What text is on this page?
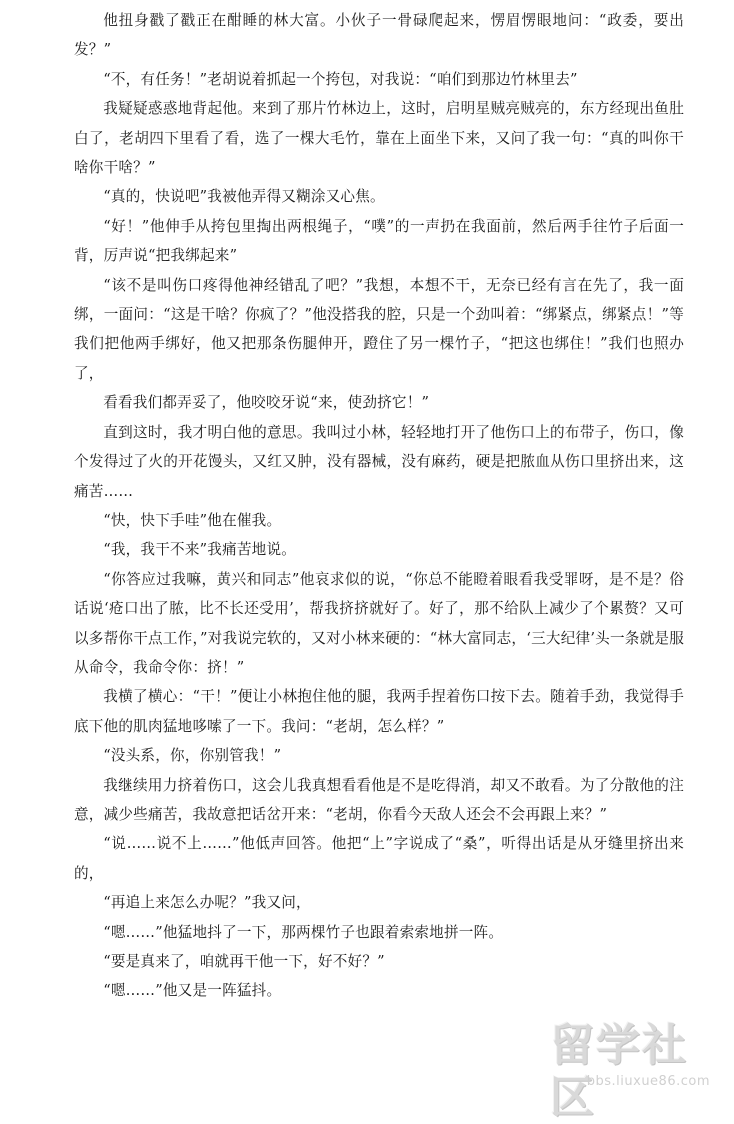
他扭身戳了戳正在酣睡的林大富。小伙子一骨碌爬起来，愣眉愣眼地问：“政委，要出发？”

“不，有任务！”老胡说着抓起一个挎包，对我说：“咱们到那边竹林里去”

我疑疑惑惑地背起他。来到了那片竹林边上，这时，启明星贼亮贼亮的，东方经现出鱼肚白了，老胡四下里看了看，选了一棵大毛竹，靠在上面坐下来，又问了我一句：“真的叫你干啥你干啥？”

“真的，快说吧”我被他弄得又糊涂又心焦。

“好！”他伸手从挎包里掏出两根绳子，“噗”的一声扔在我面前，然后两手往竹子后面一背，厉声说“把我绑起来”

“该不是叫伤口疼得他神经错乱了吧？”我想，本想不干，无奈已经有言在先了，我一面绑，一面问：“这是干啥？你疯了？”他没搭我的腔，只是一个劲叫着：“绑紧点，绑紧点！”等我们把他两手绑好，他又把那条伤腿伸开，蹬住了另一棵竹子，“把这也绑住！”我们也照办了，

看看我们都弄妥了，他咬咬牙说“来，使劲挤它！”

直到这时，我才明白他的意思。我叫过小林，轻轻地打开了他伤口上的布带子，伤口，像个发得过了火的开花馒头，又红又肿，没有器械，没有麻药，硬是把脓血从伤口里挤出来，这痛苦……

“快，快下手哇”他在催我。

“我，我干不来”我痛苦地说。

“你答应过我嘛，黄兴和同志”他哀求似的说，“你总不能瞪着眼看我受罪呀，是不是？俗话说‘疮口出了脓，比不长还受用’，帮我挤挤就好了。好了，那不给队上减少了个累赘？又可以多帮你干点工作，”对我说完软的，又对小林来硬的：“林大富同志，‘三大纪律’头一条就是服从命令，我命令你：挤！”

我横了横心：“干！”便让小林抱住他的腿，我两手捏着伤口按下去。随着手劲，我觉得手底下他的肌肉猛地哆嗦了一下。我问：“老胡，怎么样？”

“没头系，你，你别管我！”

我继续用力挤着伤口，这会儿我真想看看他是不是吃得消，却又不敢看。为了分散他的注意，减少些痛苦，我故意把话岔开来：“老胡，你看今天敌人还会不会再跟上来？”

“说……说不上……”他低声回答。他把“上”字说成了“桑”，听得出话是从牙缝里挤出来的，

“再追上来怎么办呢？”我又问，

“嗯……”他猛地抖了一下，那两棵竹子也跟着索索地拼一阵。

“要是真来了，咱就再干他一下，好不好？”

“嗯……”他又是一阵猛抖。

留学社区
bbs.liuxue86.com
